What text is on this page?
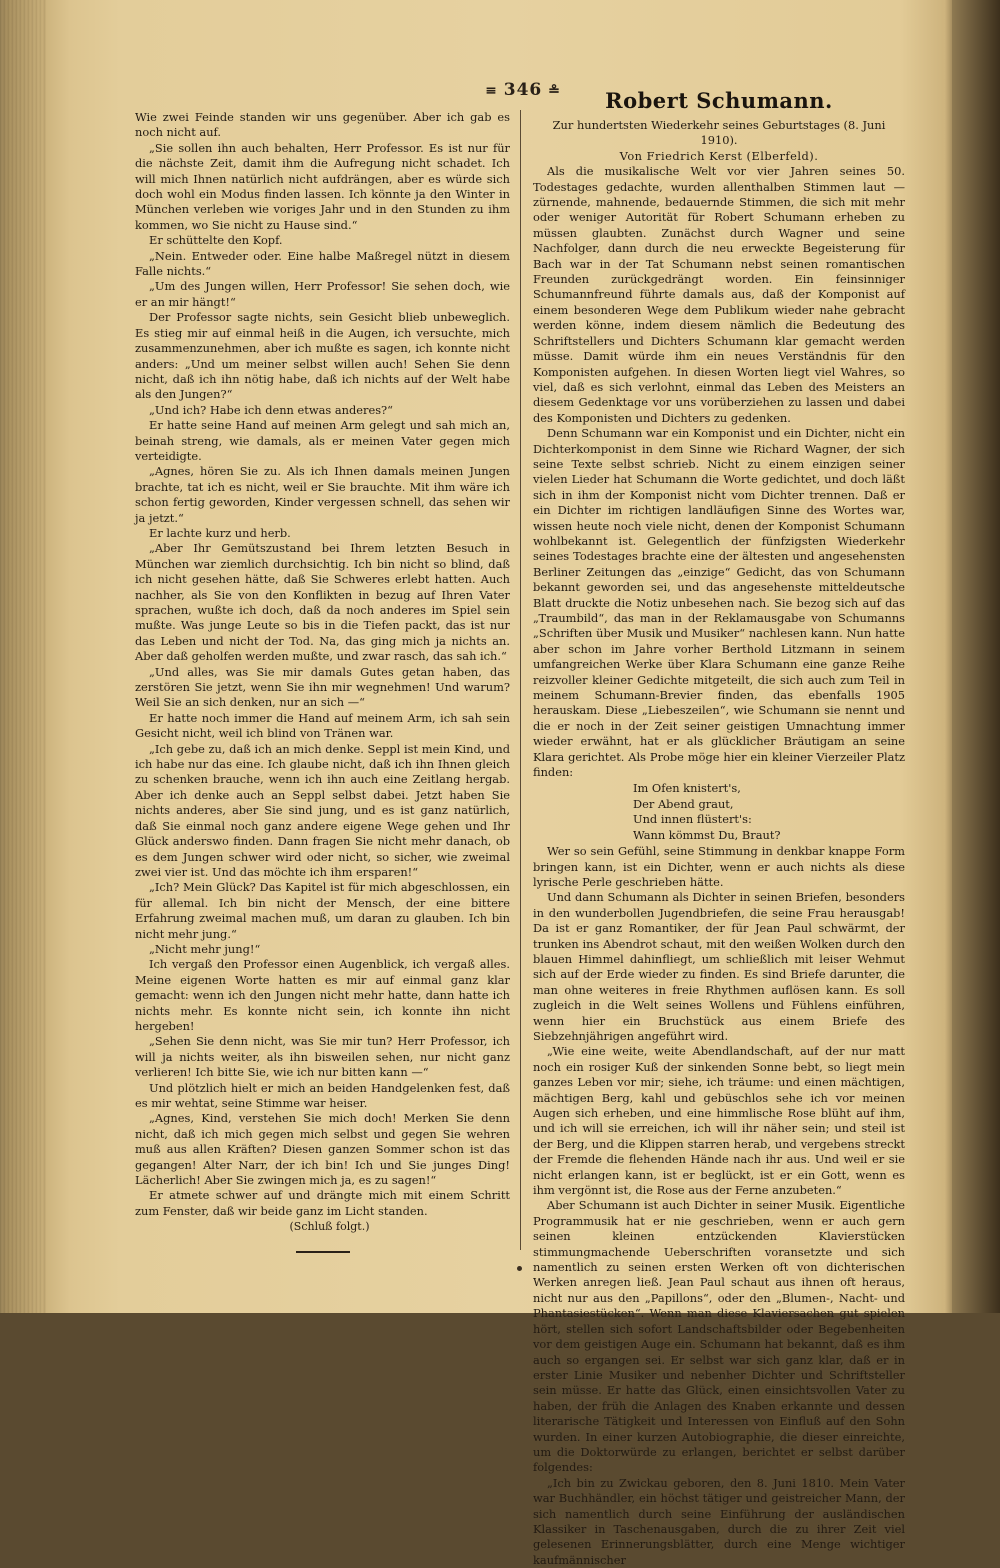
≡ 346 ≗

Wie zwei Feinde standen wir uns gegenüber. Aber ich gab es noch nicht auf.

„Sie sollen ihn auch behalten, Herr Professor. Es ist nur für die nächste Zeit, damit ihm die Aufregung nicht schadet. Ich will mich Ihnen natürlich nicht aufdrängen, aber es würde sich doch wohl ein Modus finden lassen. Ich könnte ja den Winter in München verleben wie voriges Jahr und in den Stunden zu ihm kommen, wo Sie nicht zu Hause sind.“

Er schüttelte den Kopf.

„Nein. Entweder oder. Eine halbe Maßregel nützt in diesem Falle nichts.“

„Um des Jungen willen, Herr Professor! Sie sehen doch, wie er an mir hängt!“

Der Professor sagte nichts, sein Gesicht blieb unbeweglich. Es stieg mir auf einmal heiß in die Augen, ich versuchte, mich zusammenzunehmen, aber ich mußte es sagen, ich konnte nicht anders: „Und um meiner selbst willen auch! Sehen Sie denn nicht, daß ich ihn nötig habe, daß ich nichts auf der Welt habe als den Jungen?“

„Und ich? Habe ich denn etwas anderes?“

Er hatte seine Hand auf meinen Arm gelegt und sah mich an, beinah streng, wie damals, als er meinen Vater gegen mich verteidigte.

„Agnes, hören Sie zu. Als ich Ihnen damals meinen Jungen brachte, tat ich es nicht, weil er Sie brauchte. Mit ihm wäre ich schon fertig geworden, Kinder vergessen schnell, das sehen wir ja jetzt.“

Er lachte kurz und herb.

„Aber Ihr Gemütszustand bei Ihrem letzten Besuch in München war ziemlich durchsichtig. Ich bin nicht so blind, daß ich nicht gesehen hätte, daß Sie Schweres erlebt hatten. Auch nachher, als Sie von den Konflikten in bezug auf Ihren Vater sprachen, wußte ich doch, daß da noch anderes im Spiel sein mußte. Was junge Leute so bis in die Tiefen packt, das ist nur das Leben und nicht der Tod. Na, das ging mich ja nichts an. Aber daß geholfen werden mußte, und zwar rasch, das sah ich.“

„Und alles, was Sie mir damals Gutes getan haben, das zerstören Sie jetzt, wenn Sie ihn mir wegnehmen! Und warum? Weil Sie an sich denken, nur an sich —“

Er hatte noch immer die Hand auf meinem Arm, ich sah sein Gesicht nicht, weil ich blind von Tränen war.

„Ich gebe zu, daß ich an mich denke. Seppl ist mein Kind, und ich habe nur das eine. Ich glaube nicht, daß ich ihn Ihnen gleich zu schenken brauche, wenn ich ihn auch eine Zeitlang hergab. Aber ich denke auch an Seppl selbst dabei. Jetzt haben Sie nichts anderes, aber Sie sind jung, und es ist ganz natürlich, daß Sie einmal noch ganz andere eigene Wege gehen und Ihr Glück anderswo finden. Dann fragen Sie nicht mehr danach, ob es dem Jungen schwer wird oder nicht, so sicher, wie zweimal zwei vier ist. Und das möchte ich ihm ersparen!“

„Ich? Mein Glück? Das Kapitel ist für mich abgeschlossen, ein für allemal. Ich bin nicht der Mensch, der eine bittere Erfahrung zweimal machen muß, um daran zu glauben. Ich bin nicht mehr jung.“

„Nicht mehr jung!“

Ich vergaß den Professor einen Augenblick, ich vergaß alles. Meine eigenen Worte hatten es mir auf einmal ganz klar gemacht: wenn ich den Jungen nicht mehr hatte, dann hatte ich nichts mehr. Es konnte nicht sein, ich konnte ihn nicht hergeben!

„Sehen Sie denn nicht, was Sie mir tun? Herr Professor, ich will ja nichts weiter, als ihn bisweilen sehen, nur nicht ganz verlieren! Ich bitte Sie, wie ich nur bitten kann —“

Und plötzlich hielt er mich an beiden Handgelenken fest, daß es mir wehtat, seine Stimme war heiser.

„Agnes, Kind, verstehen Sie mich doch! Merken Sie denn nicht, daß ich mich gegen mich selbst und gegen Sie wehren muß aus allen Kräften? Diesen ganzen Sommer schon ist das gegangen! Alter Narr, der ich bin! Ich und Sie junges Ding! Lächerlich! Aber Sie zwingen mich ja, es zu sagen!“

Er atmete schwer auf und drängte mich mit einem Schritt zum Fenster, daß wir beide ganz im Licht standen.

(Schluß folgt.)

Robert Schumann.

Zur hundertsten Wiederkehr seines Geburtstages (8. Juni 1910).

Von Friedrich Kerst (Elberfeld).

Als die musikalische Welt vor vier Jahren seines 50. Todestages gedachte, wurden allenthalben Stimmen laut — zürnende, mahnende, bedauernde Stimmen, die sich mit mehr oder weniger Autorität für Robert Schumann erheben zu müssen glaubten. Zunächst durch Wagner und seine Nachfolger, dann durch die neu erweckte Begeisterung für Bach war in der Tat Schumann nebst seinen romantischen Freunden zurückgedrängt worden. Ein feinsinniger Schumannfreund führte damals aus, daß der Komponist auf einem besonderen Wege dem Publikum wieder nahe gebracht werden könne, indem diesem nämlich die Bedeutung des Schriftstellers und Dichters Schumann klar gemacht werden müsse. Damit würde ihm ein neues Verständnis für den Komponisten aufgehen. In diesen Worten liegt viel Wahres, so viel, daß es sich verlohnt, einmal das Leben des Meisters an diesem Gedenktage vor uns vorüberziehen zu lassen und dabei des Komponisten und Dichters zu gedenken.

Denn Schumann war ein Komponist und ein Dichter, nicht ein Dichterkomponist in dem Sinne wie Richard Wagner, der sich seine Texte selbst schrieb. Nicht zu einem einzigen seiner vielen Lieder hat Schumann die Worte gedichtet, und doch läßt sich in ihm der Komponist nicht vom Dichter trennen. Daß er ein Dichter im richtigen landläufigen Sinne des Wortes war, wissen heute noch viele nicht, denen der Komponist Schumann wohlbekannt ist. Gelegentlich der fünfzigsten Wiederkehr seines Todestages brachte eine der ältesten und angesehensten Berliner Zeitungen das „einzige“ Gedicht, das von Schumann bekannt geworden sei, und das angesehenste mitteldeutsche Blatt druckte die Notiz unbesehen nach. Sie bezog sich auf das „Traumbild“, das man in der Reklamausgabe von Schumanns „Schriften über Musik und Musiker“ nachlesen kann. Nun hatte aber schon im Jahre vorher Berthold Litzmann in seinem umfangreichen Werke über Klara Schumann eine ganze Reihe reizvoller kleiner Gedichte mitgeteilt, die sich auch zum Teil in meinem Schumann-Brevier finden, das ebenfalls 1905 herauskam. Diese „Liebeszeilen“, wie Schumann sie nennt und die er noch in der Zeit seiner geistigen Umnachtung immer wieder erwähnt, hat er als glücklicher Bräutigam an seine Klara gerichtet. Als Probe möge hier ein kleiner Vierzeiler Platz finden:

Im Ofen knistert's,
Der Abend graut,
Und innen flüstert's:
Wann kömmst Du, Braut?

Wer so sein Gefühl, seine Stimmung in denkbar knappe Form bringen kann, ist ein Dichter, wenn er auch nichts als diese lyrische Perle geschrieben hätte.

Und dann Schumann als Dichter in seinen Briefen, besonders in den wunderbollen Jugendbriefen, die seine Frau herausgab! Da ist er ganz Romantiker, der für Jean Paul schwärmt, der trunken ins Abendrot schaut, mit den weißen Wolken durch den blauen Himmel dahinfliegt, um schließlich mit leiser Wehmut sich auf der Erde wieder zu finden. Es sind Briefe darunter, die man ohne weiteres in freie Rhythmen auflösen kann. Es soll zugleich in die Welt seines Wollens und Fühlens einführen, wenn hier ein Bruchstück aus einem Briefe des Siebzehnjährigen angeführt wird.

„Wie eine weite, weite Abendlandschaft, auf der nur matt noch ein rosiger Kuß der sinkenden Sonne bebt, so liegt mein ganzes Leben vor mir; siehe, ich träume: und einen mächtigen, mächtigen Berg, kahl und gebüschlos sehe ich vor meinen Augen sich erheben, und eine himmlische Rose blüht auf ihm, und ich will sie erreichen, ich will ihr näher sein; und steil ist der Berg, und die Klippen starren herab, und vergebens streckt der Fremde die flehenden Hände nach ihr aus. Und weil er sie nicht erlangen kann, ist er beglückt, ist er ein Gott, wenn es ihm vergönnt ist, die Rose aus der Ferne anzubeten.“

Aber Schumann ist auch Dichter in seiner Musik. Eigentliche Programmusik hat er nie geschrieben, wenn er auch gern seinen kleinen entzückenden Klavierstücken stimmungmachende Ueberschriften voransetzte und sich namentlich zu seinen ersten Werken oft von dichterischen Werken anregen ließ. Jean Paul schaut aus ihnen oft heraus, nicht nur aus den „Papillons“, oder den „Blumen-, Nacht- und Phantasiestücken“. Wenn man diese Klaviersachen gut spielen hört, stellen sich sofort Landschaftsbilder oder Begebenheiten vor dem geistigen Auge ein. Schumann hat bekannt, daß es ihm auch so ergangen sei. Er selbst war sich ganz klar, daß er in erster Linie Musiker und nebenher Dichter und Schriftsteller sein müsse. Er hatte das Glück, einen einsichtsvollen Vater zu haben, der früh die Anlagen des Knaben erkannte und dessen literarische Tätigkeit und Interessen von Einfluß auf den Sohn wurden. In einer kurzen Autobiographie, die dieser einreichte, um die Doktorwürde zu erlangen, berichtet er selbst darüber folgendes:

„Ich bin zu Zwickau geboren, den 8. Juni 1810. Mein Vater war Buchhändler, ein höchst tätiger und geistreicher Mann, der sich namentlich durch seine Einführung der ausländischen Klassiker in Taschenausgaben, durch die zu ihrer Zeit viel gelesenen Erinnerungsblätter, durch eine Menge wichtiger kaufmännischer
